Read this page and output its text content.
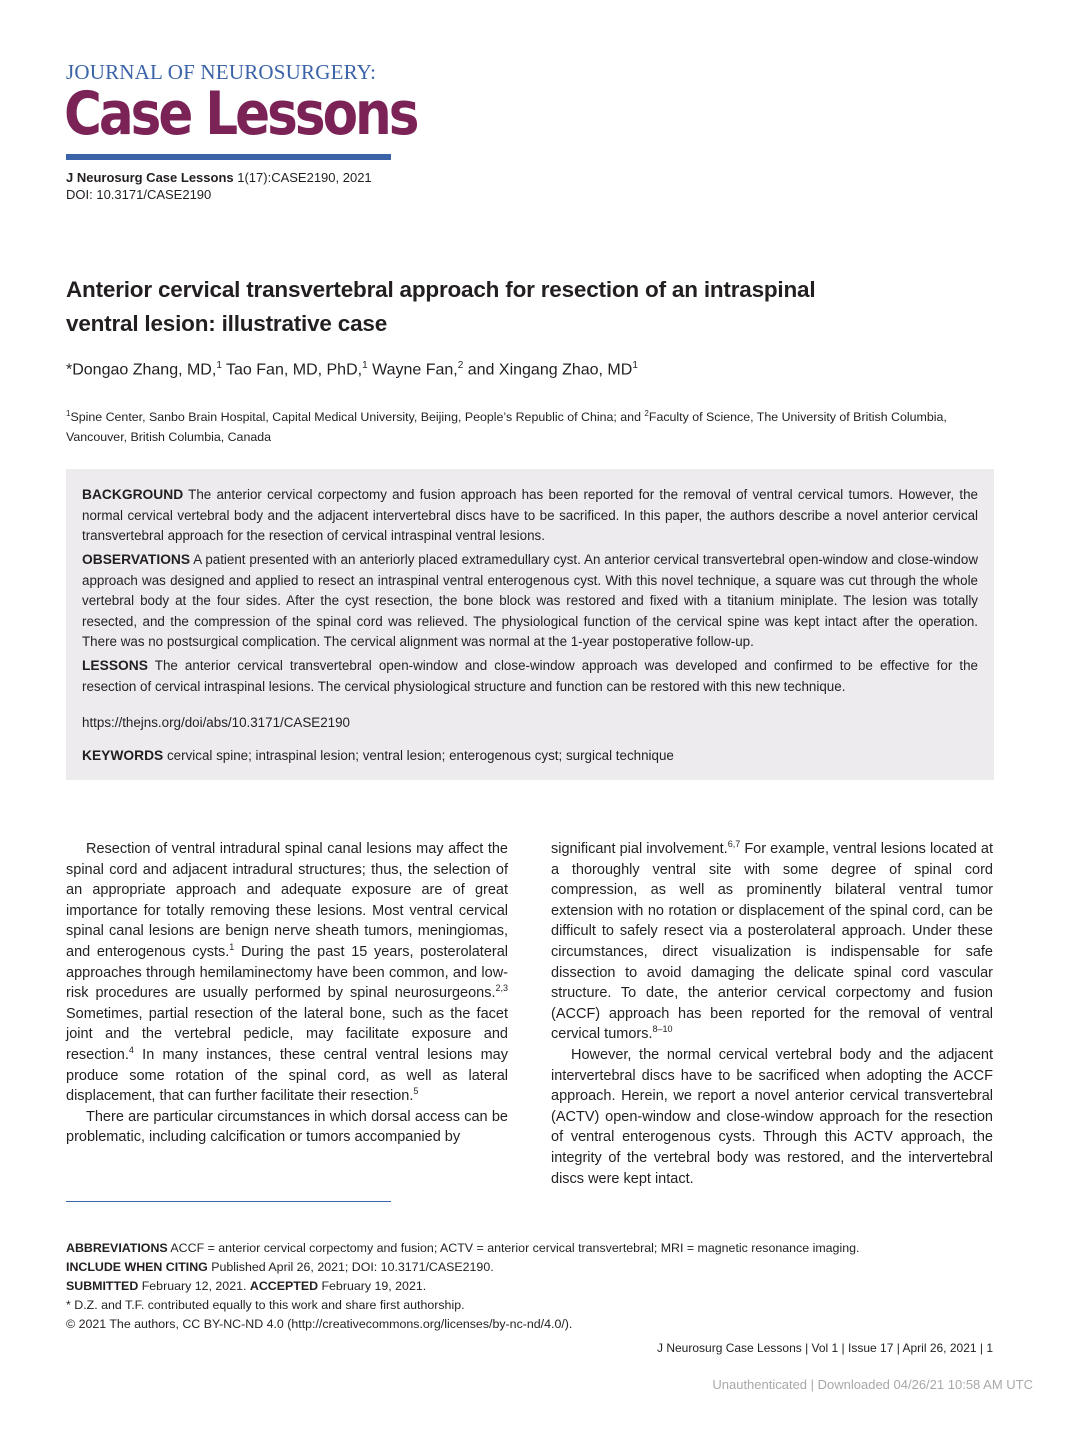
JOURNAL OF NEUROSURGERY:
Case Lessons
J Neurosurg Case Lessons 1(17):CASE2190, 2021
DOI: 10.3171/CASE2190
Anterior cervical transvertebral approach for resection of an intraspinal ventral lesion: illustrative case
*Dongao Zhang, MD,$^1$ Tao Fan, MD, PhD,$^1$ Wayne Fan,$^2$ and Xingang Zhao, $MD^1$
$^1$Spine Center, Sanbo Brain Hospital, Capital Medical University, Beijing, People’s Republic of China; and $^2$Faculty of Science, The University of British Columbia, Vancouver, British Columbia, Canada
BACKGROUND The anterior cervical corpectomy and fusion approach has been reported for the removal of ventral cervical tumors. However, the normal cervical vertebral body and the adjacent intervertebral discs have to be sacrificed. In this paper, the authors describe a novel anterior cervical transvertebral approach for the resection of cervical intraspinal ventral lesions.
OBSERVATIONS A patient presented with an anteriorly placed extramedullary cyst. An anterior cervical transvertebral open-window and close-window approach was designed and applied to resect an intraspinal ventral enterogenous cyst. With this novel technique, a square was cut through the whole vertebral body at the four sides. After the cyst resection, the bone block was restored and fixed with a titanium miniplate. The lesion was totally resected, and the compression of the spinal cord was relieved. The physiological function of the cervical spine was kept intact after the operation. There was no postsurgical complication. The cervical alignment was normal at the 1-year postoperative follow-up.
LESSONS The anterior cervical transvertebral open-window and close-window approach was developed and confirmed to be effective for the resection of cervical intraspinal lesions. The cervical physiological structure and function can be restored with this new technique.
https://thejns.org/doi/abs/10.3171/CASE2190
KEYWORDS cervical spine; intraspinal lesion; ventral lesion; enterogenous cyst; surgical technique

Resection of ventral intradural spinal canal lesions may affect the spinal cord and adjacent intradural structures; thus, the selection of an appropriate approach and adequate exposure are of great importance for totally removing these lesions. Most ventral cervical spinal canal lesions are benign nerve sheath tumors, meningiomas, and enterogenous cysts.$^1$ During the past 15 years, posterolateral approaches through hemilaminectomy have been common, and low-risk procedures are usually performed by spinal neurosurgeons.$^{2,3}$ Sometimes, partial resection of the lateral bone, such as the facet joint and the vertebral pedicle, may facilitate exposure and resection.$^4$ In many instances, these central ventral lesions may produce some rotation of the spinal cord, as well as lateral displacement, that can further facilitate their resection.$^5$

There are particular circumstances in which dorsal access can be problematic, including calcification or tumors accompanied by

significant pial involvement.$^{6,7}$ For example, ventral lesions located at a thoroughly ventral site with some degree of spinal cord compression, as well as prominently bilateral ventral tumor extension with no rotation or displacement of the spinal cord, can be difficult to safely resect via a posterolateral approach. Under these circumstances, direct visualization is indispensable for safe dissection to avoid damaging the delicate spinal cord vascular structure. To date, the anterior cervical corpectomy and fusion (ACCF) approach has been reported for the removal of ventral cervical tumors.$^{8-10}$

However, the normal cervical vertebral body and the adjacent intervertebral discs have to be sacrificed when adopting the ACCF approach. Herein, we report a novel anterior cervical transvertebral (ACTV) open-window and close-window approach for the resection of ventral enterogenous cysts. Through this ACTV approach, the integrity of the vertebral body was restored, and the intervertebral discs were kept intact.

ABBREVIATIONS ACCF = anterior cervical corpectomy and fusion; ACTV = anterior cervical transvertebral; MRI = magnetic resonance imaging.
INCLUDE WHEN CITING Published April 26, 2021; DOI: 10.3171/CASE2190.
SUBMITTED February 12, 2021. ACCEPTED February 19, 2021.
* D.Z. and T.F. contributed equally to this work and share first authorship.
© 2021 The authors, CC BY-NC-ND 4.0 (http://creativecommons.org/licenses/by-nc-nd/4.0/).
J Neurosurg Case Lessons | Vol 1 | Issue 17 | April 26, 2021 | 1
Unauthenticated | Downloaded 04/26/21 10:58 AM UTC
